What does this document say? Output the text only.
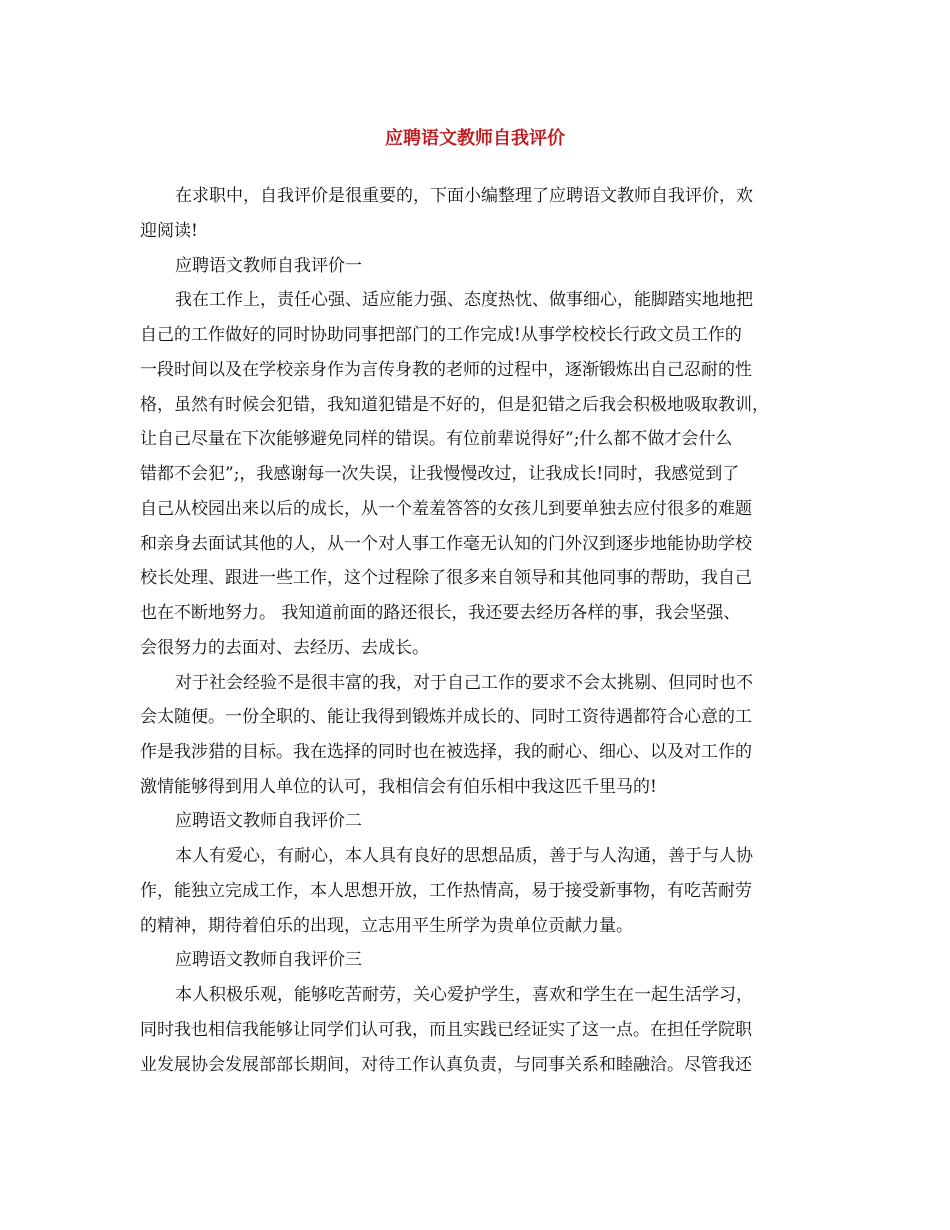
应聘语文教师自我评价
在求职中，自我评价是很重要的，下面小编整理了应聘语文教师自我评价，欢
迎阅读!
应聘语文教师自我评价一
我在工作上，责任心强、适应能力强、态度热忱、做事细心，能脚踏实地地把
自己的工作做好的同时协助同事把部门的工作完成!从事学校校长行政文员工作的
一段时间以及在学校亲身作为言传身教的老师的过程中，逐渐锻炼出自己忍耐的性
格，虽然有时候会犯错，我知道犯错是不好的，但是犯错之后我会积极地吸取教训，
让自己尽量在下次能够避免同样的错误。有位前辈说得好”;什么都不做才会什么
错都不会犯”;，我感谢每一次失误，让我慢慢改过，让我成长!同时，我感觉到了
自己从校园出来以后的成长，从一个羞羞答答的女孩儿到要单独去应付很多的难题
和亲身去面试其他的人，从一个对人事工作毫无认知的门外汉到逐步地能协助学校
校长处理、跟进一些工作，这个过程除了很多来自领导和其他同事的帮助，我自己
也在不断地努力。 我知道前面的路还很长，我还要去经历各样的事，我会坚强、
会很努力的去面对、去经历、去成长。
对于社会经验不是很丰富的我，对于自己工作的要求不会太挑剔、但同时也不
会太随便。一份全职的、能让我得到锻炼并成长的、同时工资待遇都符合心意的工
作是我涉猎的目标。我在选择的同时也在被选择，我的耐心、细心、以及对工作的
激情能够得到用人单位的认可，我相信会有伯乐相中我这匹千里马的!
应聘语文教师自我评价二
本人有爱心，有耐心，本人具有良好的思想品质，善于与人沟通，善于与人协
作，能独立完成工作，本人思想开放，工作热情高，易于接受新事物，有吃苦耐劳
的精神，期待着伯乐的出现，立志用平生所学为贵单位贡献力量。
应聘语文教师自我评价三
本人积极乐观，能够吃苦耐劳，关心爱护学生，喜欢和学生在一起生活学习，
同时我也相信我能够让同学们认可我，而且实践已经证实了这一点。在担任学院职
业发展协会发展部部长期间，对待工作认真负责，与同事关系和睦融洽。尽管我还
